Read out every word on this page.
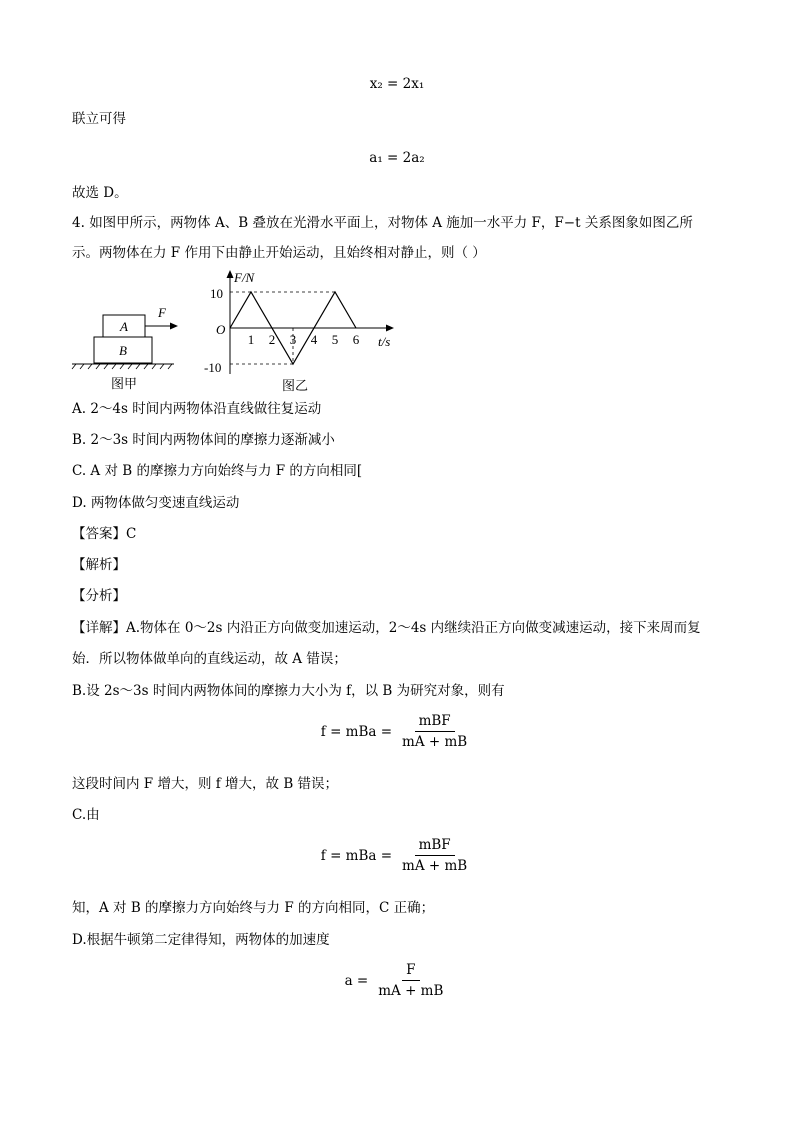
x₂ = 2x₁
联立可得
a₁ = 2a₂
故选 D。
4. 如图甲所示，两物体 A、B 叠放在光滑水平面上，对物体 A 施加一水平力 F，F−t 关系图象如图乙所
示。两物体在力 F 作用下由静止开始运动，且始终相对静止，则（ ）
A
B
F
图甲
F/N
t/s
O
10
-10
1 2 3 4 5 6
图乙
A. 2～4s 时间内两物体沿直线做往复运动
B. 2～3s 时间内两物体间的摩擦力逐渐减小
C. A 对 B 的摩擦力方向始终与力 F 的方向相同[
D. 两物体做匀变速直线运动
【答案】C
【解析】
【分析】
【详解】A.物体在 0～2s 内沿正方向做变加速运动，2～4s 内继续沿正方向做变减速运动，接下来周而复
始．所以物体做单向的直线运动，故 A 错误；
B.设 2s～3s 时间内两物体间的摩擦力大小为 f，以 B 为研究对象，则有
f = mBa = $\frac{\text{mBF}}{mA + mB}$
这段时间内 F 增大，则 f 增大，故 B 错误；
C.由
f = mBa = $\frac{\text{mBF}}{mA + mB}$
知，A 对 B 的摩擦力方向始终与力 F 的方向相同，C 正确；
D.根据牛顿第二定律得知，两物体的加速度
$a = \frac{F}{mA + mB}$
